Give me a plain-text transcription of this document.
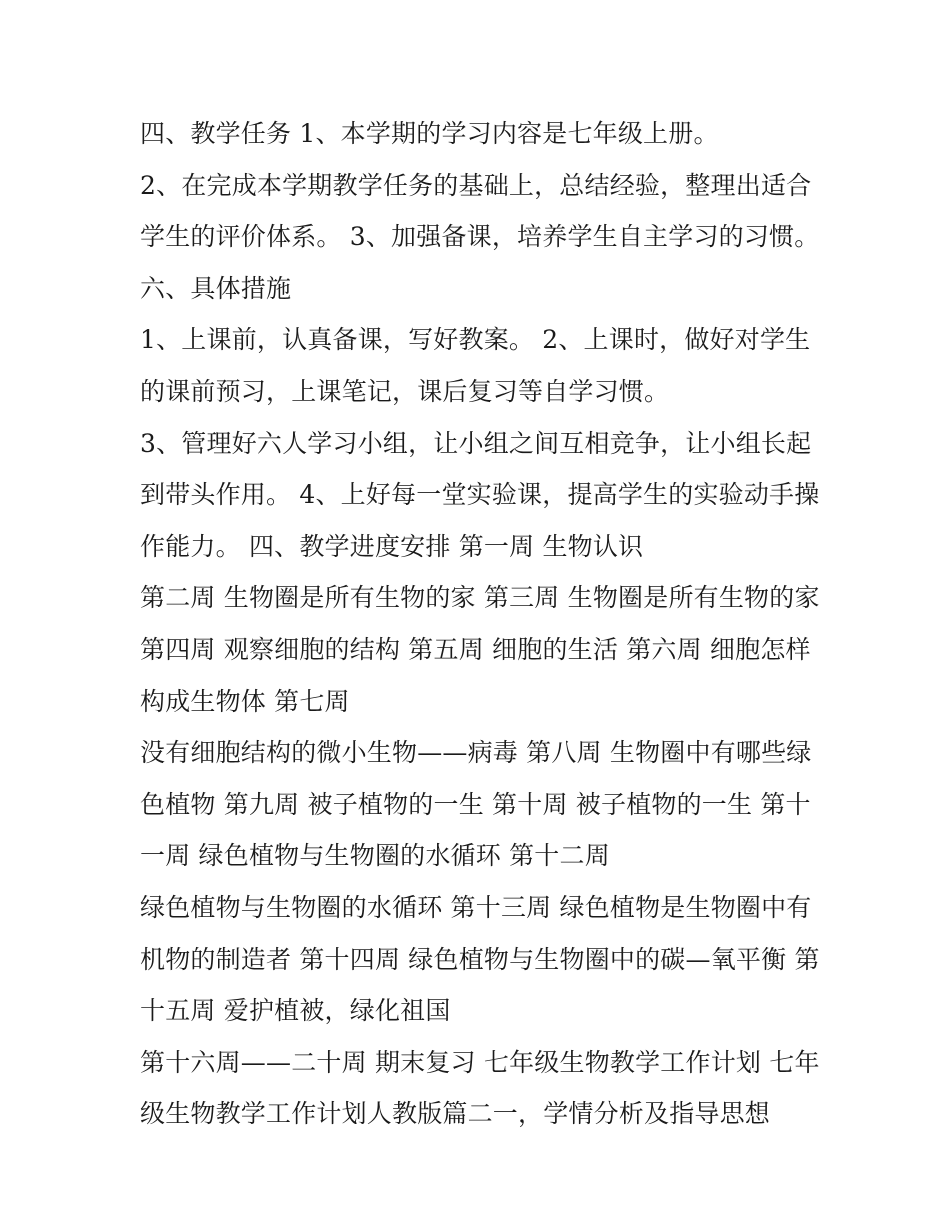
四、教学任务 1、本学期的学习内容是七年级上册。
2、在完成本学期教学任务的基础上，总结经验，整理出适合
学生的评价体系。 3、加强备课，培养学生自主学习的习惯。
六、具体措施
1、上课前，认真备课，写好教案。 2、上课时，做好对学生
的课前预习，上课笔记，课后复习等自学习惯。
3、管理好六人学习小组，让小组之间互相竞争，让小组长起
到带头作用。 4、上好每一堂实验课，提高学生的实验动手操
作能力。 四、教学进度安排 第一周 生物认识
第二周 生物圈是所有生物的家 第三周 生物圈是所有生物的家
第四周 观察细胞的结构 第五周 细胞的生活 第六周 细胞怎样
构成生物体 第七周
没有细胞结构的微小生物——病毒 第八周 生物圈中有哪些绿
色植物 第九周 被子植物的一生 第十周 被子植物的一生 第十
一周 绿色植物与生物圈的水循环 第十二周
绿色植物与生物圈的水循环 第十三周 绿色植物是生物圈中有
机物的制造者 第十四周 绿色植物与生物圈中的碳—氧平衡 第
十五周 爱护植被，绿化祖国
第十六周——二十周 期末复习 七年级生物教学工作计划 七年
级生物教学工作计划人教版篇二一，学情分析及指导思想
